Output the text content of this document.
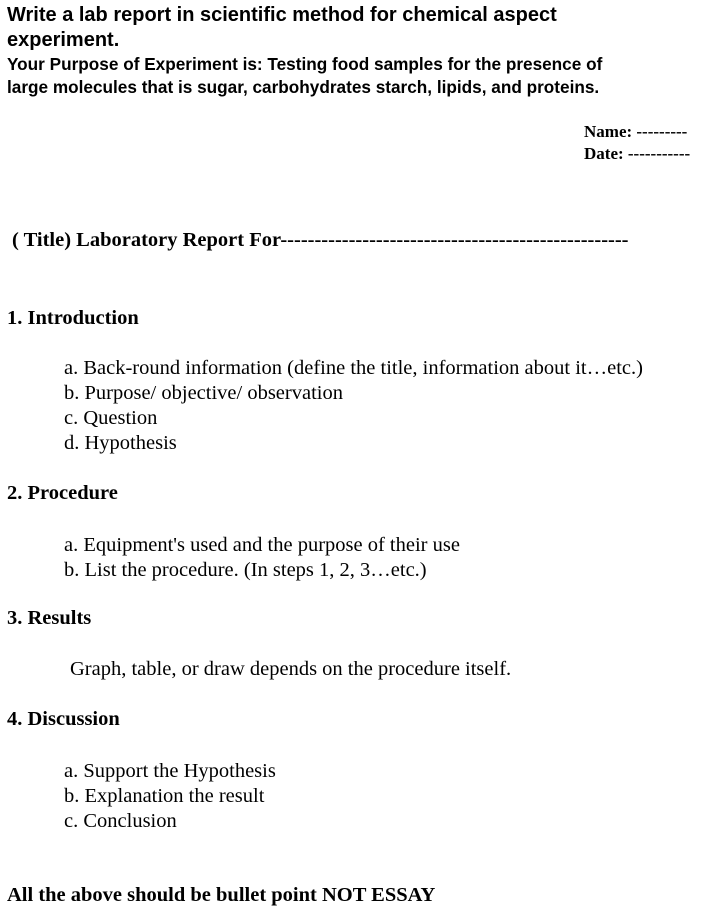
Write a lab report in scientific method for chemical aspect
experiment.
Your Purpose of Experiment is: Testing food samples for the presence of
large molecules that is sugar, carbohydrates starch, lipids, and proteins.
Name: ---------
Date: -----------
( Title) Laboratory Report For---------------------------------------------------
1. Introduction
a. Back-round information (define the title, information about it…etc.)
b. Purpose/ objective/ observation
c. Question
d. Hypothesis
2. Procedure
a. Equipment's used and the purpose of their use
b. List the procedure. (In steps 1, 2, 3…etc.)
3. Results
Graph, table, or draw depends on the procedure itself.
4. Discussion
a. Support the Hypothesis
b. Explanation the result
c. Conclusion
All the above should be bullet point NOT ESSAY
